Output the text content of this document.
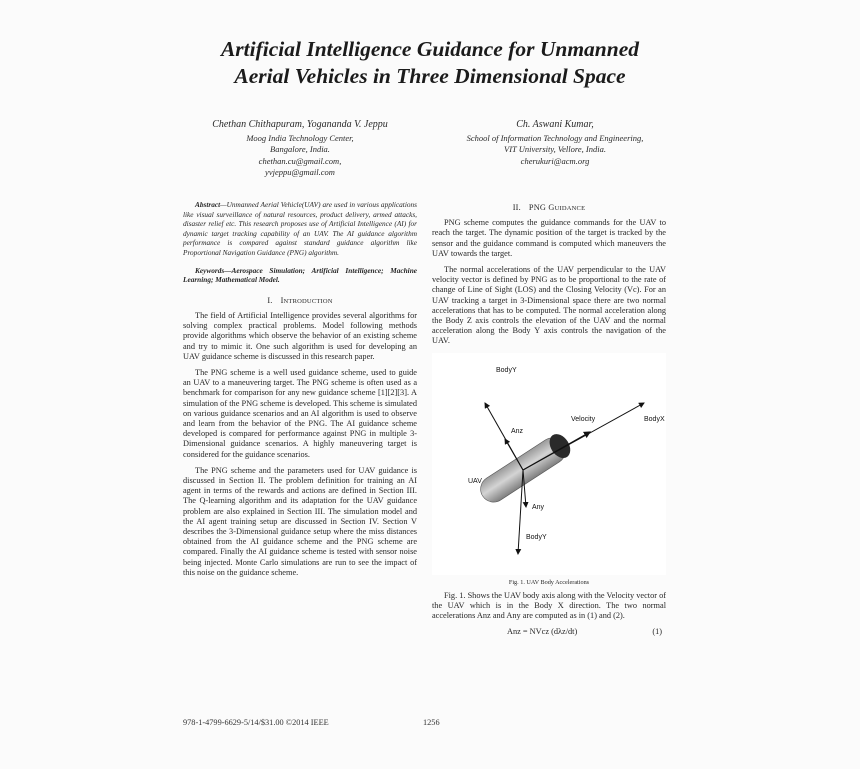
Artificial Intelligence Guidance for Unmanned
Aerial Vehicles in Three Dimensional Space
Chethan Chithapuram, Yogananda V. Jeppu
Moog India Technology Center,
Bangalore, India.
chethan.cu@gmail.com,
yvjeppu@gmail.com
Ch. Aswani Kumar,
School of Information Technology and Engineering,
VIT University, Vellore, India.
cherukuri@acm.org

Abstract—Unmanned Aerial Vehicle(UAV) are used in various applications like visual surveillance of natural resources, product delivery, armed attacks, disaster relief etc. This research proposes use of Artificial Intelligence (AI) for dynamic target tracking capability of an UAV. The AI guidance algorithm performance is compared against standard guidance algorithm like Proportional Navigation Guidance (PNG) algorithm.

Keywords—Aerospace Simulation; Artificial Intelligence; Machine Learning; Mathematical Model.

I. INTRODUCTION

The field of Artificial Intelligence provides several algorithms for solving complex practical problems. Model following methods provide algorithms which observe the behavior of an existing scheme and try to mimic it. One such algorithm is used for developing an UAV guidance scheme is discussed in this research paper.

The PNG scheme is a well used guidance scheme, used to guide an UAV to a maneuvering target. The PNG scheme is often used as a benchmark for comparison for any new guidance scheme [1][2][3]. A simulation of the PNG scheme is developed. This scheme is simulated on various guidance scenarios and an AI algorithm is used to observe and learn from the behavior of the PNG. The AI guidance scheme developed is compared for performance against PNG in multiple 3-Dimensional guidance scenarios. A highly maneuvering target is considered for the guidance scenarios.

The PNG scheme and the parameters used for UAV guidance is discussed in Section II. The problem definition for training an AI agent in terms of the rewards and actions are defined in Section III. The Q-learning algorithm and its adaptation for the UAV guidance problem are also explained in Section III. The simulation model and the AI agent training setup are discussed in Section IV. Section V describes the 3-Dimensional guidance setup where the miss distances obtained from the AI guidance scheme and the PNG scheme are compared. Finally the AI guidance scheme is tested with sensor noise being injected. Monte Carlo simulations are run to see the impact of this noise on the guidance scheme.

II. PNG GUIDANCE

PNG scheme computes the guidance commands for the UAV to reach the target. The dynamic position of the target is tracked by the sensor and the guidance command is computed which maneuvers the UAV towards the target.

The normal accelerations of the UAV perpendicular to the UAV velocity vector is defined by PNG as to be proportional to the rate of change of Line of Sight (LOS) and the Closing Velocity (Vc). For an UAV tracking a target in 3-Dimensional space there are two normal accelerations that has to be computed. The normal acceleration along the Body Z axis controls the elevation of the UAV and the normal acceleration along the Body Y axis controls the navigation of the UAV.

BodyY
BodyX
Velocity
Anz
UAV
Any
BodyY
Fig. 1. UAV Body Accelerations

Fig. 1. Shows the UAV body axis along with the Velocity vector of the UAV which is in the Body X direction. The two normal accelerations Anz and Any are computed as in (1) and (2).

Anz = NVcz (dλz/dt)	(1)
978-1-4799-6629-5/14/$31.00 ©2014 IEEE	1256
